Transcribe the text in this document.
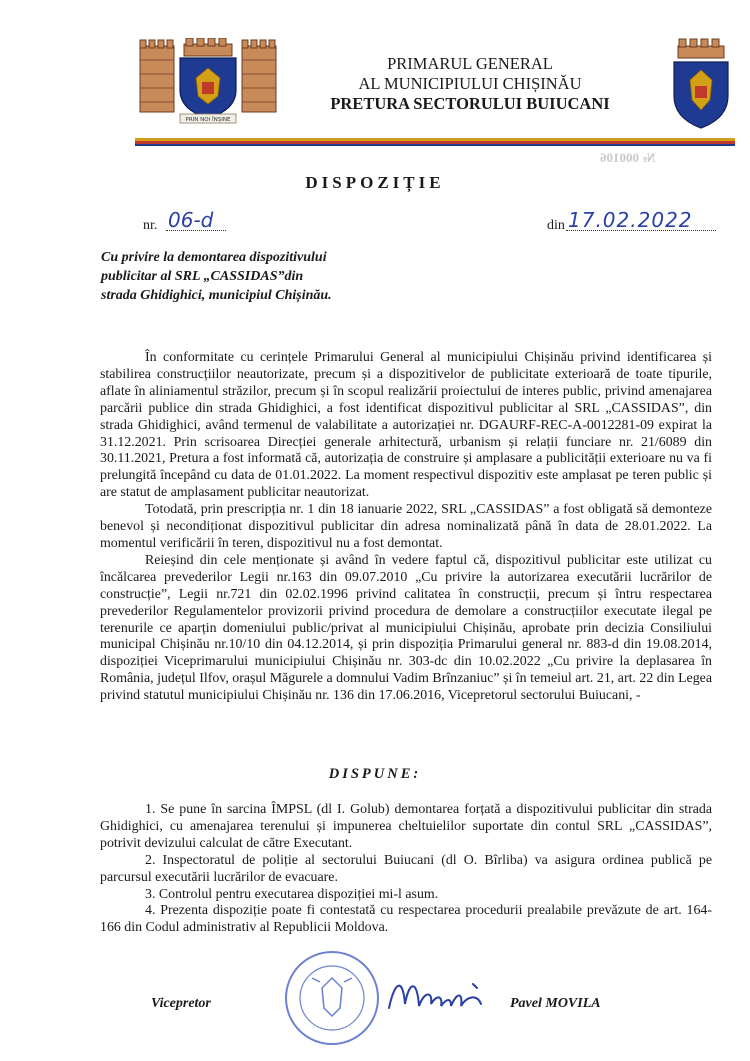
PRIN NOI ÎNȘINE
PRIMARUL GENERAL
AL MUNICIPIULUI CHIȘINĂU
PRETURA SECTORULUI BUIUCANI
№ 000106
DISPOZIȚIE
nr. 06-d	din 17.02.2022
Cu privire la demontarea dispozitivului
publicitar al SRL „CASSIDAS”din
strada Ghidighici, municipiul Chișinău.

În conformitate cu cerințele Primarului General al municipiului Chișinău privind identificarea și stabilirea construcțiilor neautorizate, precum și a dispozitivelor de publicitate exterioară de toate tipurile, aflate în aliniamentul străzilor, precum și în scopul realizării proiectului de interes public, privind amenajarea parcării publice din strada Ghidighici, a fost identificat dispozitivul publicitar al SRL „CASSIDAS”, din strada Ghidighici, având termenul de valabilitate a autorizației nr. DGAURF-REC-A-0012281-09 expirat la 31.12.2021. Prin scrisoarea Direcției generale arhitectură, urbanism și relații funciare nr. 21/6089 din 30.11.2021, Pretura a fost informată că, autorizația de construire și amplasare a publicității exterioare nu va fi prelungită începând cu data de 01.01.2022. La moment respectivul dispozitiv este amplasat pe teren public și are statut de amplasament publicitar neautorizat.

Totodată, prin prescripția nr. 1 din 18 ianuarie 2022, SRL „CASSIDAS” a fost obligată să demonteze benevol și necondiționat dispozitivul publicitar din adresa nominalizată până în data de 28.01.2022. La momentul verificării în teren, dispozitivul nu a fost demontat.

Reieșind din cele menționate și având în vedere faptul că, dispozitivul publicitar este utilizat cu încălcarea prevederilor Legii nr.163 din 09.07.2010 „Cu privire la autorizarea executării lucrărilor de construcție”, Legii nr.721 din 02.02.1996 privind calitatea în construcții, precum și întru respectarea prevederilor Regulamentelor provizorii privind procedura de demolare a construcțiilor executate ilegal pe terenurile ce aparțin domeniului public/privat al municipiului Chișinău, aprobate prin decizia Consiliului municipal Chișinău nr.10/10 din 04.12.2014, și prin dispoziția Primarului general nr. 883-d din 19.08.2014, dispoziției Viceprimarului municipiului Chișinău nr. 303-dc din 10.02.2022 „Cu privire la deplasarea în România, județul Ilfov, orașul Măgurele a domnului Vadim Brînzaniuc” și în temeiul art. 21, art. 22 din Legea privind statutul municipiului Chișinău nr. 136 din 17.06.2016, Vicepretorul sectorului Buiucani, -

DISPUNE:

1. Se pune în sarcina ÎMPSL (dl I. Golub) demontarea forțată a dispozitivului publicitar din strada Ghidighici, cu amenajarea terenului și impunerea cheltuielilor suportate din contul SRL „CASSIDAS”, potrivit devizului calculat de către Executant.

2. Inspectoratul de poliție al sectorului Buiucani (dl O. Bîrliba) va asigura ordinea publică pe parcursul executării lucrărilor de evacuare.

3. Controlul pentru executarea dispoziției mi-l asum.

4. Prezenta dispoziție poate fi contestată cu respectarea procedurii prealabile prevăzute de art. 164-166 din Codul administrativ al Republicii Moldova.

Vicepretor	Pavel MOVILA
